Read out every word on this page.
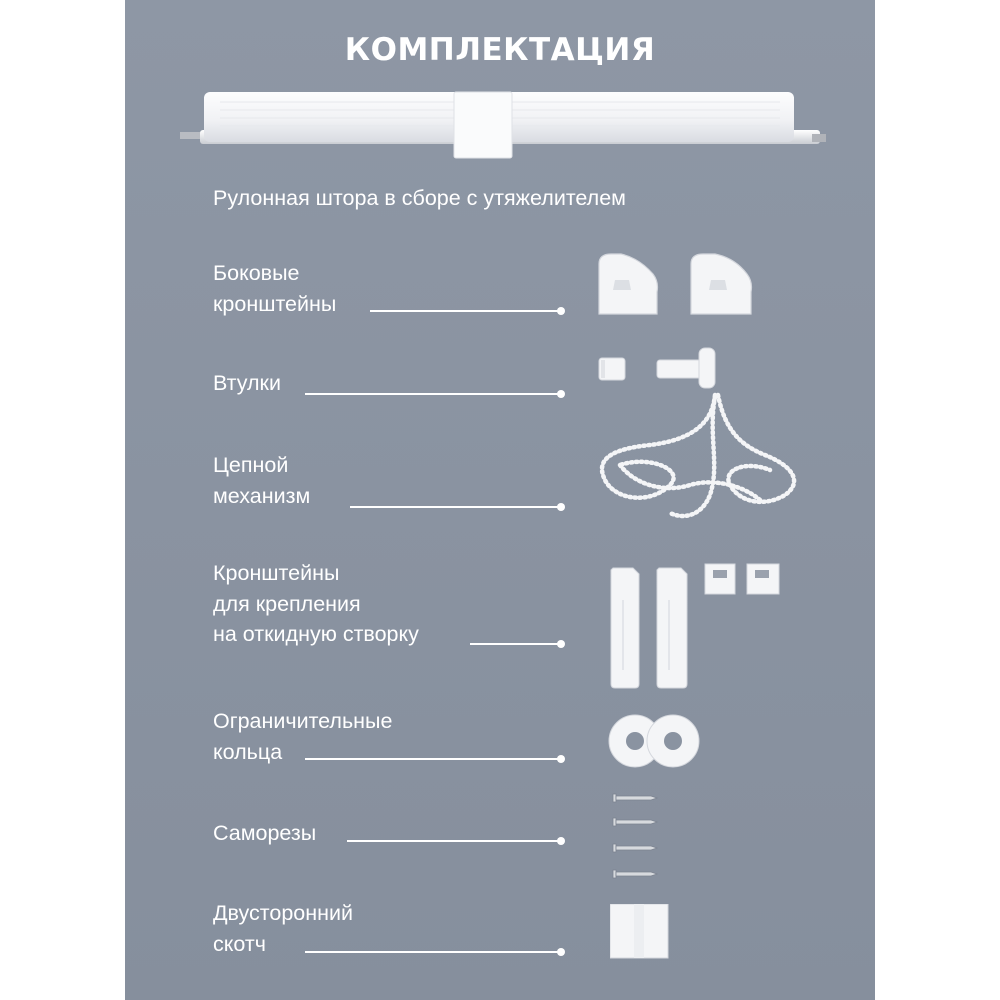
КОМПЛЕКТАЦИЯ
Рулонная штора в сборе с утяжелителем
Боковые
кронштейны
Втулки
Цепной
механизм
Кронштейны
для крепления
на откидную створку
Ограничительные
кольца
Саморезы
Двусторонний
скотч
